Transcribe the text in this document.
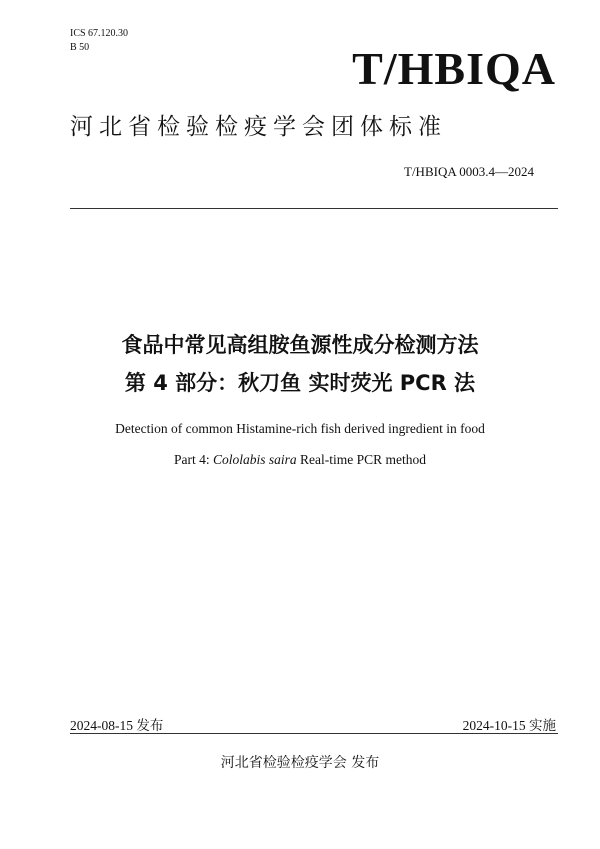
ICS 67.120.30
B 50	T/HBIQA
河北省检验检疫学会团体标准
T/HBIQA 0003.4—2024
食品中常见高组胺鱼源性成分检测方法
第 4 部分：秋刀鱼 实时荧光 PCR 法
Detection of common Histamine-rich fish derived ingredient in food
Part 4: Cololabis saira Real-time PCR method
2024-08-15 发布	2024-10-15 实施
河北省检验检疫学会 发布
